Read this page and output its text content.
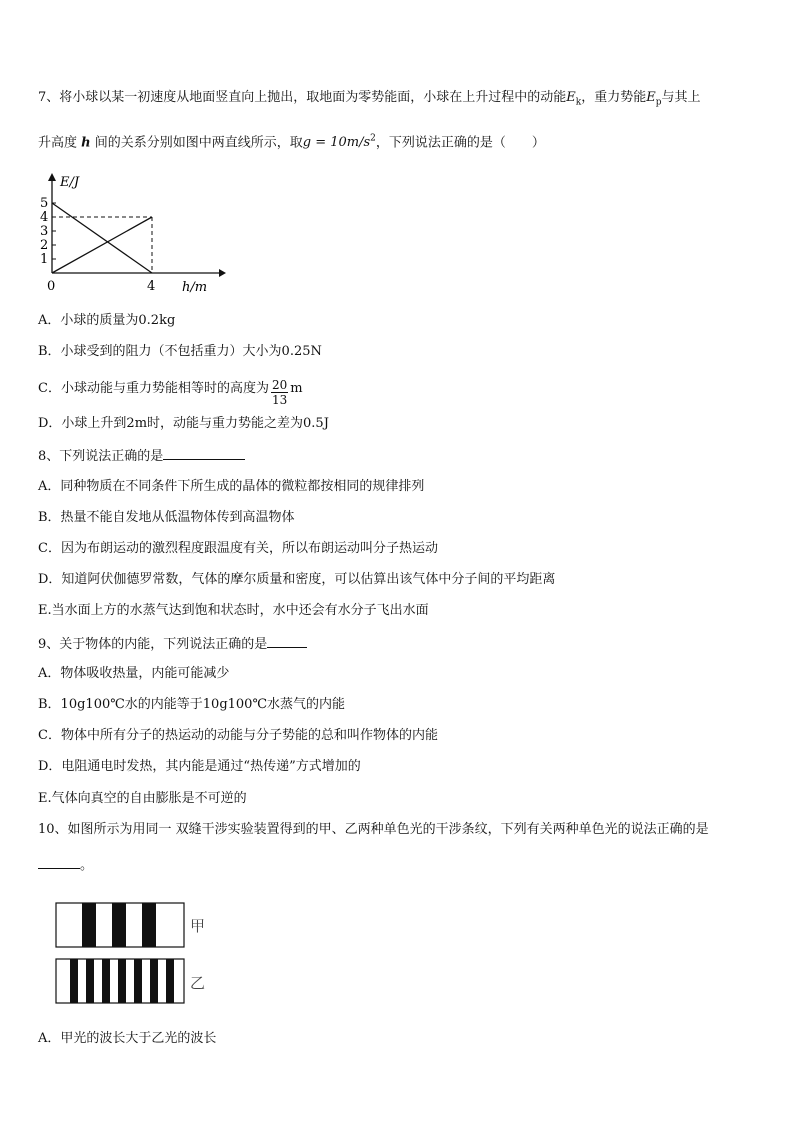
7、将小球以某一初速度从地面竖直向上抛出，取地面为零势能面，小球在上升过程中的动能$E_k$，重力势能$E_p$与其上
升高度 h 间的关系分别如图中两直线所示，取$g = 10m/s^2$，下列说法正确的是（　　）
E/J
5
4
3
2
1
0	4 h/m
A．小球的质量为0.2kg
B．小球受到的阻力（不包括重力）大小为0.25N
C．小球动能与重力势能相等时的高度为 $\frac{20}{13}$ m
D．小球上升到2m时，动能与重力势能之差为0.5J
8、下列说法正确的是
A．同种物质在不同条件下所生成的晶体的微粒都按相同的规律排列
B．热量不能自发地从低温物体传到高温物体
C．因为布朗运动的激烈程度跟温度有关，所以布朗运动叫分子热运动
D．知道阿伏伽德罗常数，气体的摩尔质量和密度，可以估算出该气体中分子间的平均距离
E.当水面上方的水蒸气达到饱和状态时，水中还会有水分子飞出水面
9、关于物体的内能，下列说法正确的是
A．物体吸收热量，内能可能减少
B．10g100℃水的内能等于10g100℃水蒸气的内能
C．物体中所有分子的热运动的动能与分子势能的总和叫作物体的内能
D．电阻通电时发热，其内能是通过“热传递”方式增加的
E.气体向真空的自由膨胀是不可逆的
10、如图所示为用同一 双缝干涉实验装置得到的甲、乙两种单色光的干涉条纹，下列有关两种单色光的说法正确的是
。
甲
乙
A．甲光的波长大于乙光的波长
